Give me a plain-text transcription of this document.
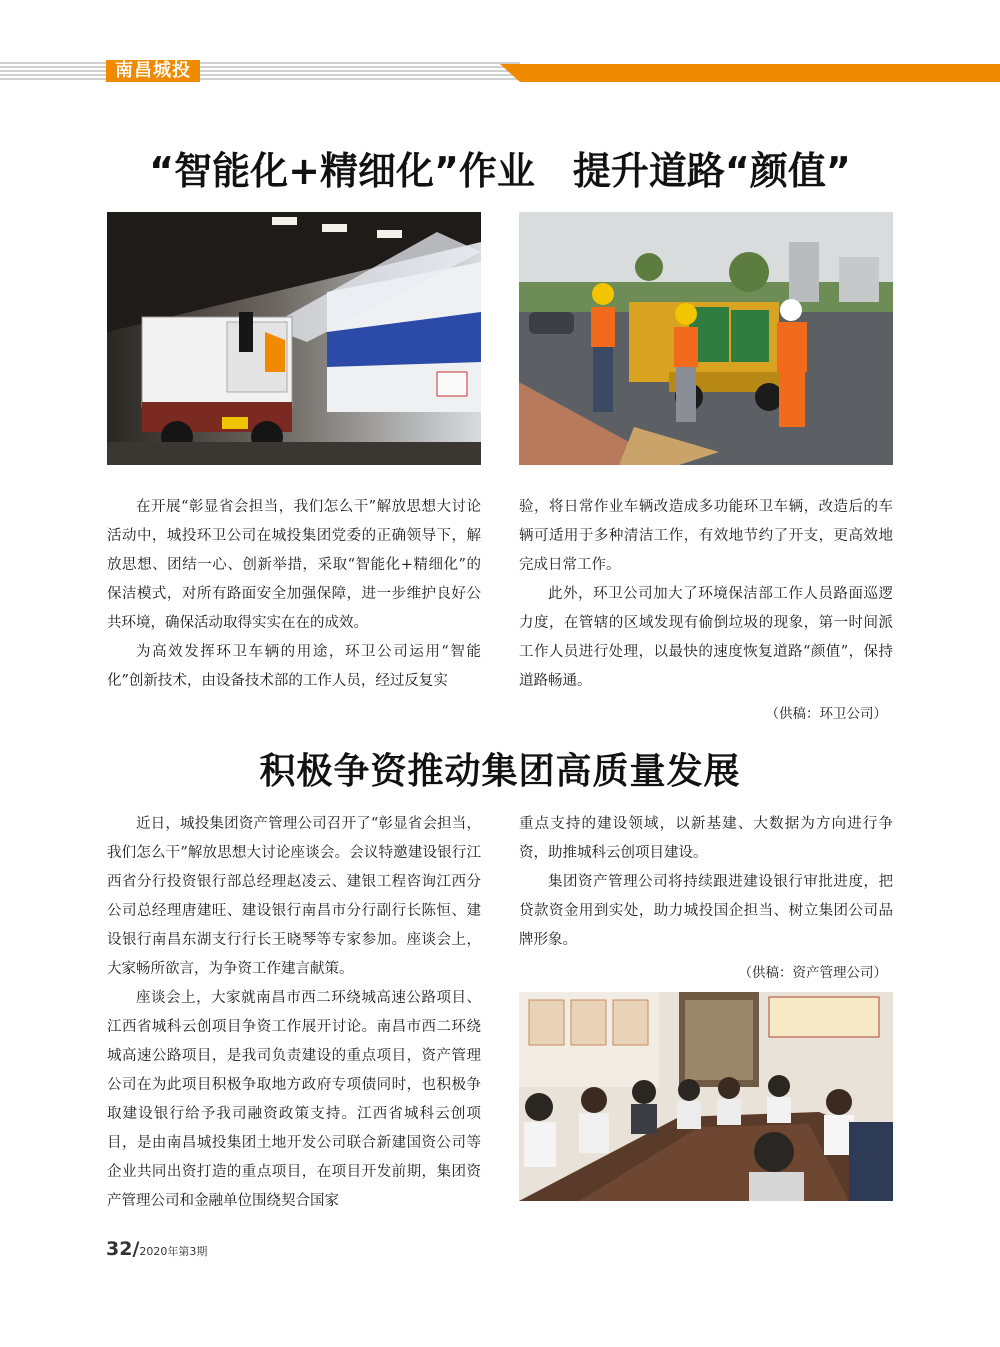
南昌城投
“智能化+精细化”作业　提升道路“颜值”

在开展“彰显省会担当，我们怎么干”解放思想大讨论活动中，城投环卫公司在城投集团党委的正确领导下，解放思想、团结一心、创新举措，采取“智能化+精细化”的保洁模式，对所有路面安全加强保障，进一步维护良好公共环境，确保活动取得实实在在的成效。

为高效发挥环卫车辆的用途，环卫公司运用“智能化”创新技术，由设备技术部的工作人员，经过反复实

验，将日常作业车辆改造成多功能环卫车辆，改造后的车辆可适用于多种清洁工作，有效地节约了开支，更高效地完成日常工作。

此外，环卫公司加大了环境保洁部工作人员路面巡逻力度，在管辖的区域发现有偷倒垃圾的现象，第一时间派工作人员进行处理，以最快的速度恢复道路“颜值”，保持道路畅通。

（供稿：环卫公司）

积极争资推动集团高质量发展

近日，城投集团资产管理公司召开了“彰显省会担当，我们怎么干”解放思想大讨论座谈会。会议特邀建设银行江西省分行投资银行部总经理赵凌云、建银工程咨询江西分公司总经理唐建旺、建设银行南昌市分行副行长陈恒、建设银行南昌东湖支行行长王晓琴等专家参加。座谈会上，大家畅所欲言，为争资工作建言献策。

座谈会上，大家就南昌市西二环绕城高速公路项目、江西省城科云创项目争资工作展开讨论。南昌市西二环绕城高速公路项目，是我司负责建设的重点项目，资产管理公司在为此项目积极争取地方政府专项债同时，也积极争取建设银行给予我司融资政策支持。江西省城科云创项目，是由南昌城投集团土地开发公司联合新建国资公司等企业共同出资打造的重点项目，在项目开发前期，集团资产管理公司和金融单位围绕契合国家

重点支持的建设领域，以新基建、大数据为方向进行争资，助推城科云创项目建设。

集团资产管理公司将持续跟进建设银行审批进度，把贷款资金用到实处，助力城投国企担当、树立集团公司品牌形象。

（供稿：资产管理公司）

32/2020年第3期
